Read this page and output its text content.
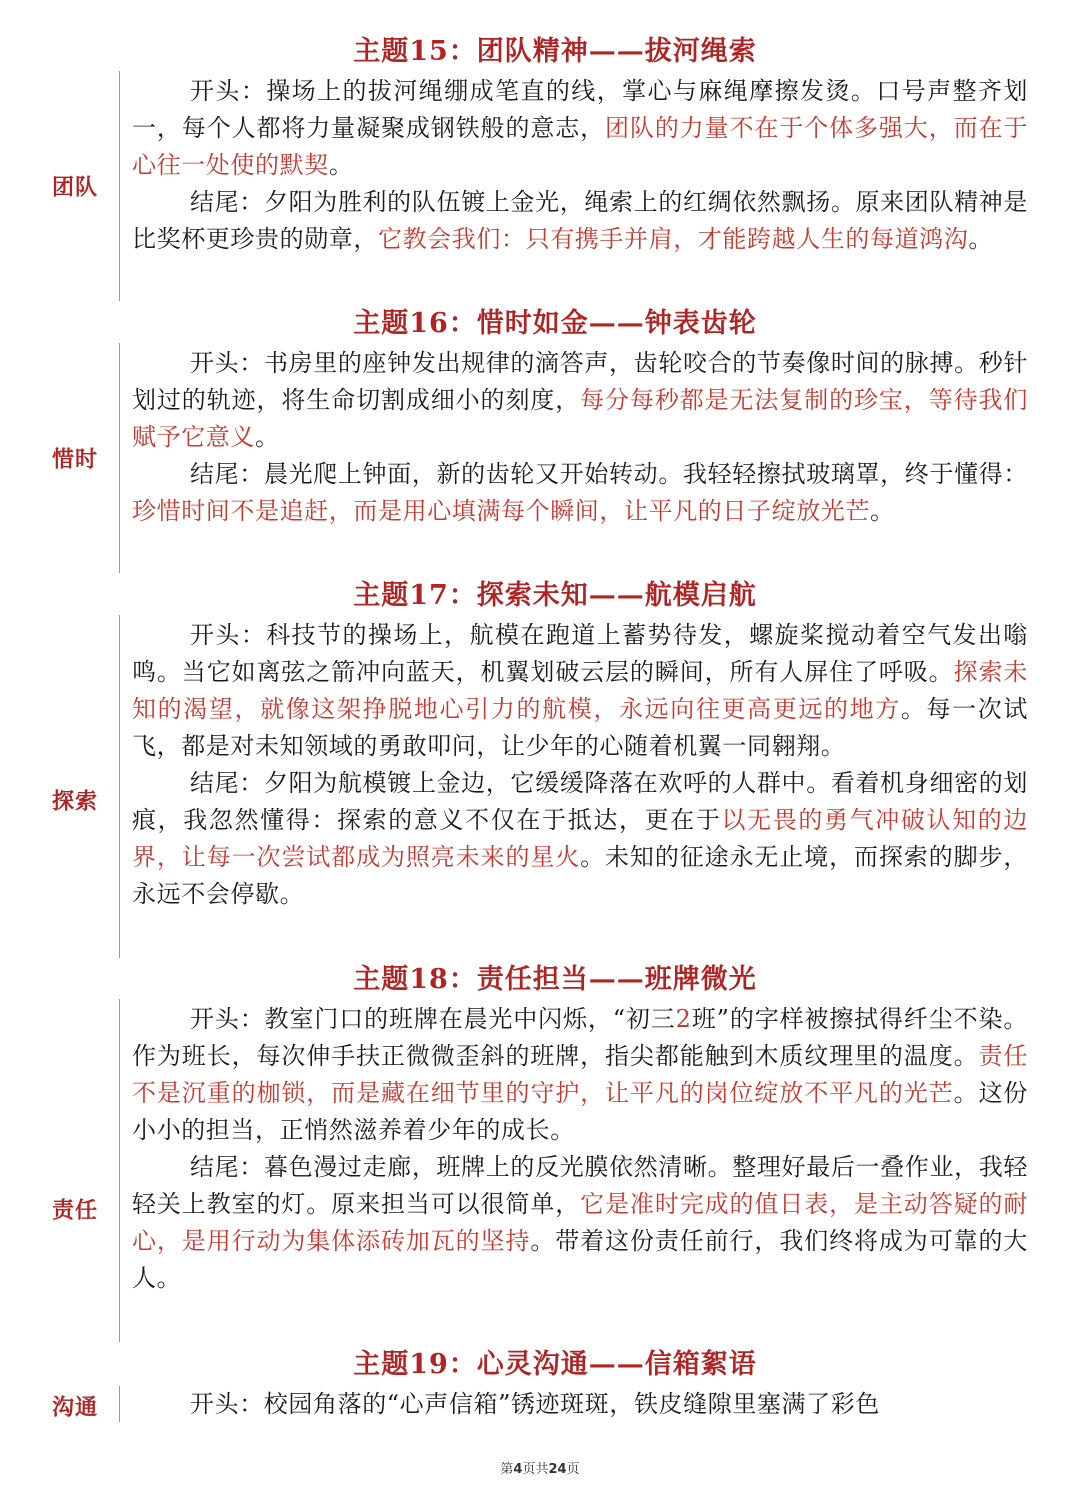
主题15：团队精神——拔河绳索
团队

开头：操场上的拔河绳绷成笔直的线，掌心与麻绳摩擦发烫。口号声整齐划一，每个人都将力量凝聚成钢铁般的意志，团队的力量不在于个体多强大，而在于心往一处使的默契。

结尾：夕阳为胜利的队伍镀上金光，绳索上的红绸依然飘扬。原来团队精神是比奖杯更珍贵的勋章，它教会我们：只有携手并肩，才能跨越人生的每道鸿沟。

主题16：惜时如金——钟表齿轮
惜时

开头：书房里的座钟发出规律的滴答声，齿轮咬合的节奏像时间的脉搏。秒针划过的轨迹，将生命切割成细小的刻度，每分每秒都是无法复制的珍宝，等待我们赋予它意义。

结尾：晨光爬上钟面，新的齿轮又开始转动。我轻轻擦拭玻璃罩，终于懂得：珍惜时间不是追赶，而是用心填满每个瞬间，让平凡的日子绽放光芒。

主题17：探索未知——航模启航
探索

开头：科技节的操场上，航模在跑道上蓄势待发，螺旋桨搅动着空气发出嗡鸣。当它如离弦之箭冲向蓝天，机翼划破云层的瞬间，所有人屏住了呼吸。探索未知的渴望，就像这架挣脱地心引力的航模，永远向往更高更远的地方。每一次试飞，都是对未知领域的勇敢叩问，让少年的心随着机翼一同翱翔。

结尾：夕阳为航模镀上金边，它缓缓降落在欢呼的人群中。看着机身细密的划痕，我忽然懂得：探索的意义不仅在于抵达，更在于以无畏的勇气冲破认知的边界，让每一次尝试都成为照亮未来的星火。未知的征途永无止境，而探索的脚步，永远不会停歇。

主题18：责任担当——班牌微光
责任

开头：教室门口的班牌在晨光中闪烁，“初三2班”的字样被擦拭得纤尘不染。作为班长，每次伸手扶正微微歪斜的班牌，指尖都能触到木质纹理里的温度。责任不是沉重的枷锁，而是藏在细节里的守护，让平凡的岗位绽放不平凡的光芒。这份小小的担当，正悄然滋养着少年的成长。

结尾：暮色漫过走廊，班牌上的反光膜依然清晰。整理好最后一叠作业，我轻轻关上教室的灯。原来担当可以很简单，它是准时完成的值日表，是主动答疑的耐心，是用行动为集体添砖加瓦的坚持。带着这份责任前行，我们终将成为可靠的大人。

主题19：心灵沟通——信箱絮语
沟通	开头：校园角落的“心声信箱”锈迹斑斑，铁皮缝隙里塞满了彩色

第4页共24页
